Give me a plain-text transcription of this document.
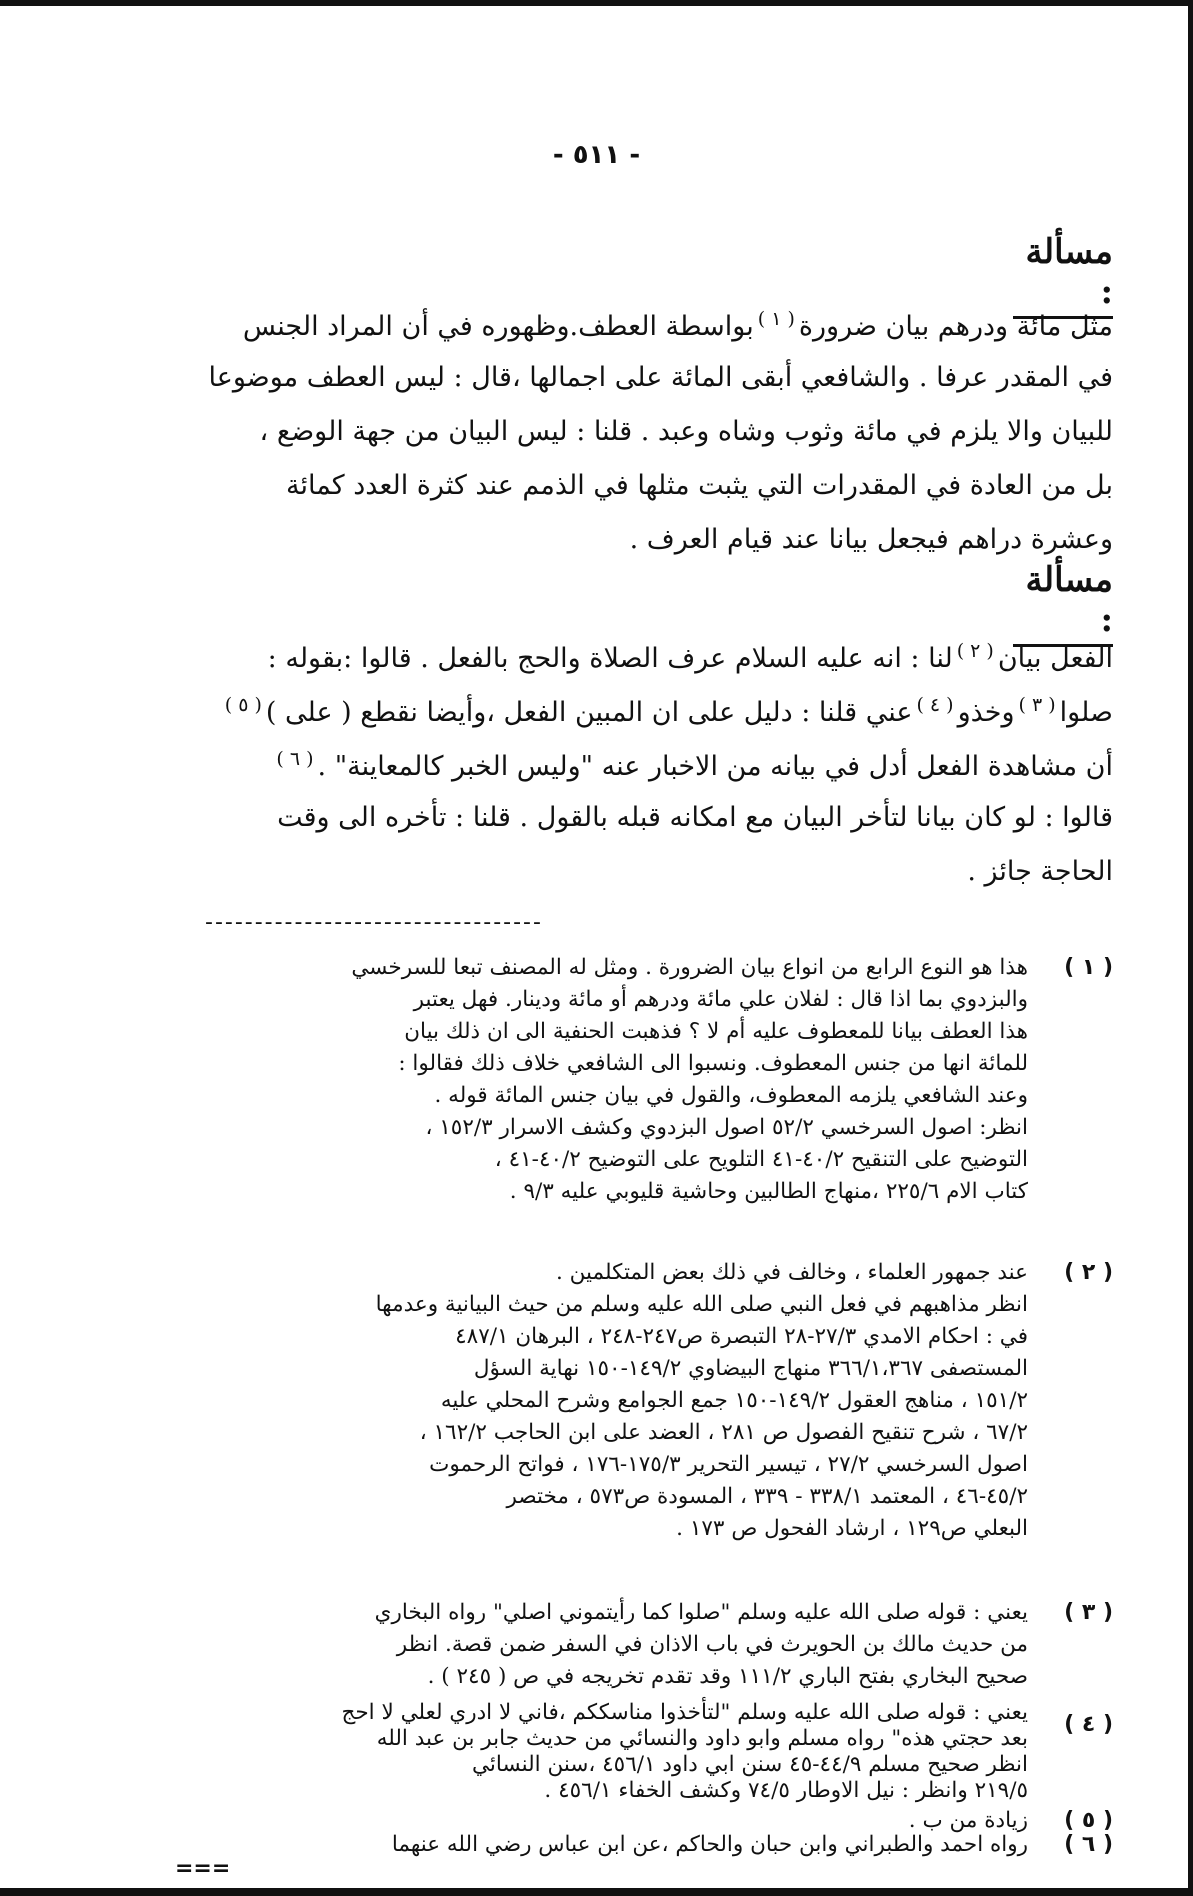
- ٥١١ -
مسألة :
مثل مائة ودرهم بيان ضرورة$^{( ١ )}$بواسطة العطف.وظهوره في أن المراد الجنس
في المقدر عرفا . والشافعي أبقى المائة على اجمالها ،قال : ليس العطف موضوعا
للبيان والا يلزم في مائة وثوب وشاه وعبد . قلنا : ليس البيان من جهة الوضع ،
بل من العادة في المقدرات التي يثبت مثلها في الذمم عند كثرة العدد كمائة
وعشرة دراهم فيجعل بيانا عند قيام العرف .
مسألة :
الفعل بيان$^{( ٢ )}$لنا : انه عليه السلام عرف الصلاة والحج بالفعل . قالوا :بقوله :
صلوا$^{( ٣ )}$وخذو$^{( ٤ )}$عني قلنا : دليل على ان المبين الفعل ،وأيضا نقطع ( على )$^{( ٥ )}$
أن مشاهدة الفعل أدل في بيانه من الاخبار عنه "وليس الخبر كالمعاينة" .$^{( ٦ )}$
قالوا : لو كان بيانا لتأخر البيان مع امكانه قبله بالقول . قلنا : تأخره الى وقت
الحاجة جائز .
----------------------------------
( ١ )
هذا هو النوع الرابع من انواع بيان الضرورة . ومثل له المصنف تبعا للسرخسي
والبزدوي بما اذا قال : لفلان علي مائة ودرهم أو مائة ودينار. فهل يعتبر
هذا العطف بيانا للمعطوف عليه أم لا ؟ فذهبت الحنفية الى ان ذلك بيان
للمائة انها من جنس المعطوف. ونسبوا الى الشافعي خلاف ذلك فقالوا :
وعند الشافعي يلزمه المعطوف، والقول في بيان جنس المائة قوله .
انظر: اصول السرخسي ٥٢/٢ اصول البزدوي وكشف الاسرار ١٥٢/٣ ،
التوضيح على التنقيح ٤٠/٢-٤١ التلويح على التوضيح ٤٠/٢-٤١ ،
كتاب الام ٢٢٥/٦ ،منهاج الطالبين وحاشية قليوبي عليه ٩/٣ .
( ٢ )
عند جمهور العلماء ، وخالف في ذلك بعض المتكلمين .
انظر مذاهبهم في فعل النبي صلى الله عليه وسلم من حيث البيانية وعدمها
في : احكام الامدي ٢٧/٣-٢٨ التبصرة ص٢٤٧-٢٤٨ ، البرهان ٤٨٧/١
المستصفى ٣٦٦/١،٣٦٧ منهاج البيضاوي ١٤٩/٢-١٥٠ نهاية السؤل
١٥١/٢ ، مناهج العقول ١٤٩/٢-١٥٠ جمع الجوامع وشرح المحلي عليه
٦٧/٢ ، شرح تنقيح الفصول ص ٢٨١ ، العضد على ابن الحاجب ١٦٢/٢ ،
اصول السرخسي ٢٧/٢ ، تيسير التحرير ١٧٥/٣-١٧٦ ، فواتح الرحموت
٤٥/٢-٤٦ ، المعتمد ٣٣٨/١ - ٣٣٩ ، المسودة ص٥٧٣ ، مختصر
البعلي ص١٢٩ ، ارشاد الفحول ص ١٧٣ .
( ٣ )
يعني : قوله صلى الله عليه وسلم "صلوا كما رأيتموني اصلي" رواه البخاري
من حديث مالك بن الحويرث في باب الاذان في السفر ضمن قصة. انظر
صحيح البخاري بفتح الباري ١١١/٢ وقد تقدم تخريجه في ص ( ٢٤٥ ) .
( ٤ )
يعني : قوله صلى الله عليه وسلم "لتأخذوا مناسككم ،فاني لا ادري لعلي لا احج
بعد حجتي هذه" رواه مسلم وابو داود والنسائي من حديث جابر بن عبد الله
انظر صحيح مسلم ٤٤/٩-٤٥ سنن ابي داود ٤٥٦/١ ،سنن النسائي
٢١٩/٥ وانظر : نيل الاوطار ٧٤/٥ وكشف الخفاء ٤٥٦/١ .
( ٥ )
زيادة من ب .
( ٦ )
رواه احمد والطبراني وابن حبان والحاكم ،عن ابن عباس رضي الله عنهما
===
